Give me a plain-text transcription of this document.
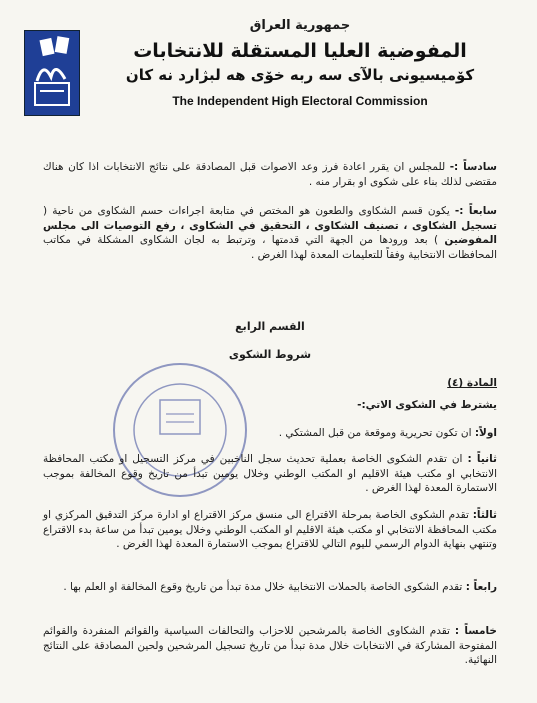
جمهورية العراق
المفوضية العليا المستقلة للانتخابات
كۆميسيونى بالآى سه ربه خۆى هه لبژارد نه كان
The Independent High Electoral Commission
سادساً :- للمجلس ان يقرر اعادة فرز وعد الاصوات قبل المصادقة على نتائج الانتخابات اذا كان هناك مقتضى لذلك بناء على شكوى او بقرار منه .
سابعاً :- يكون قسم الشكاوى والطعون هو المختص في متابعة اجراءات حسم الشكاوى من ناحية ( تسجيل الشكاوى ، تصنيف الشكاوى ، التحقيق في الشكاوى ، رفع التوصيات الى مجلس المفوضين ) بعد ورودها من الجهة التي قدمتها ، وترتبط به لجان الشكاوى المشكلة في مكاتب المحافظات الانتخابية وفقاً للتعليمات المعدة لهذا الغرض .
القسم الرابع
شروط الشكوى
المادة (٤)
يشترط في الشكوى الاتي:-
اولاً: ان تكون تحريرية وموقعة من قبل المشتكي .
ثانياً : ان تقدم الشكوى الخاصة بعملية تحديث سجل الناخبين في مركز التسجيل او مكتب المحافظة الانتخابي او مكتب هيئة الاقليم او المكتب الوطني وخلال يومين تبدأ من تاريخ وقوع المخالفة بموجب الاستمارة المعدة لهذا الغرض .
ثالثاً: تقدم الشكوى الخاصة بمرحلة الاقتراع الى منسق مركز الاقتراع او ادارة مركز التدقيق المركزي او مكتب المحافظة الانتخابي او مكتب هيئة الاقليم او المكتب الوطني وخلال يومين تبدأ من ساعة بدء الاقتراع وتنتهي بنهاية الدوام الرسمي لليوم التالي للاقتراع بموجب الاستمارة المعدة لهذا الغرض .
رابعاً : تقدم الشكوى الخاصة بالحملات الانتخابية خلال مدة تبدأ من تاريخ وقوع المخالفة او العلم بها .
خامساً : تقدم الشكاوى الخاصة بالمرشحين للاحزاب والتحالفات السياسية والقوائم المنفردة والقوائم المفتوحة المشاركة في الانتخابات خلال مدة تبدأ من تاريخ تسجيل المرشحين ولحين المصادقة على النتائج النهائية.
